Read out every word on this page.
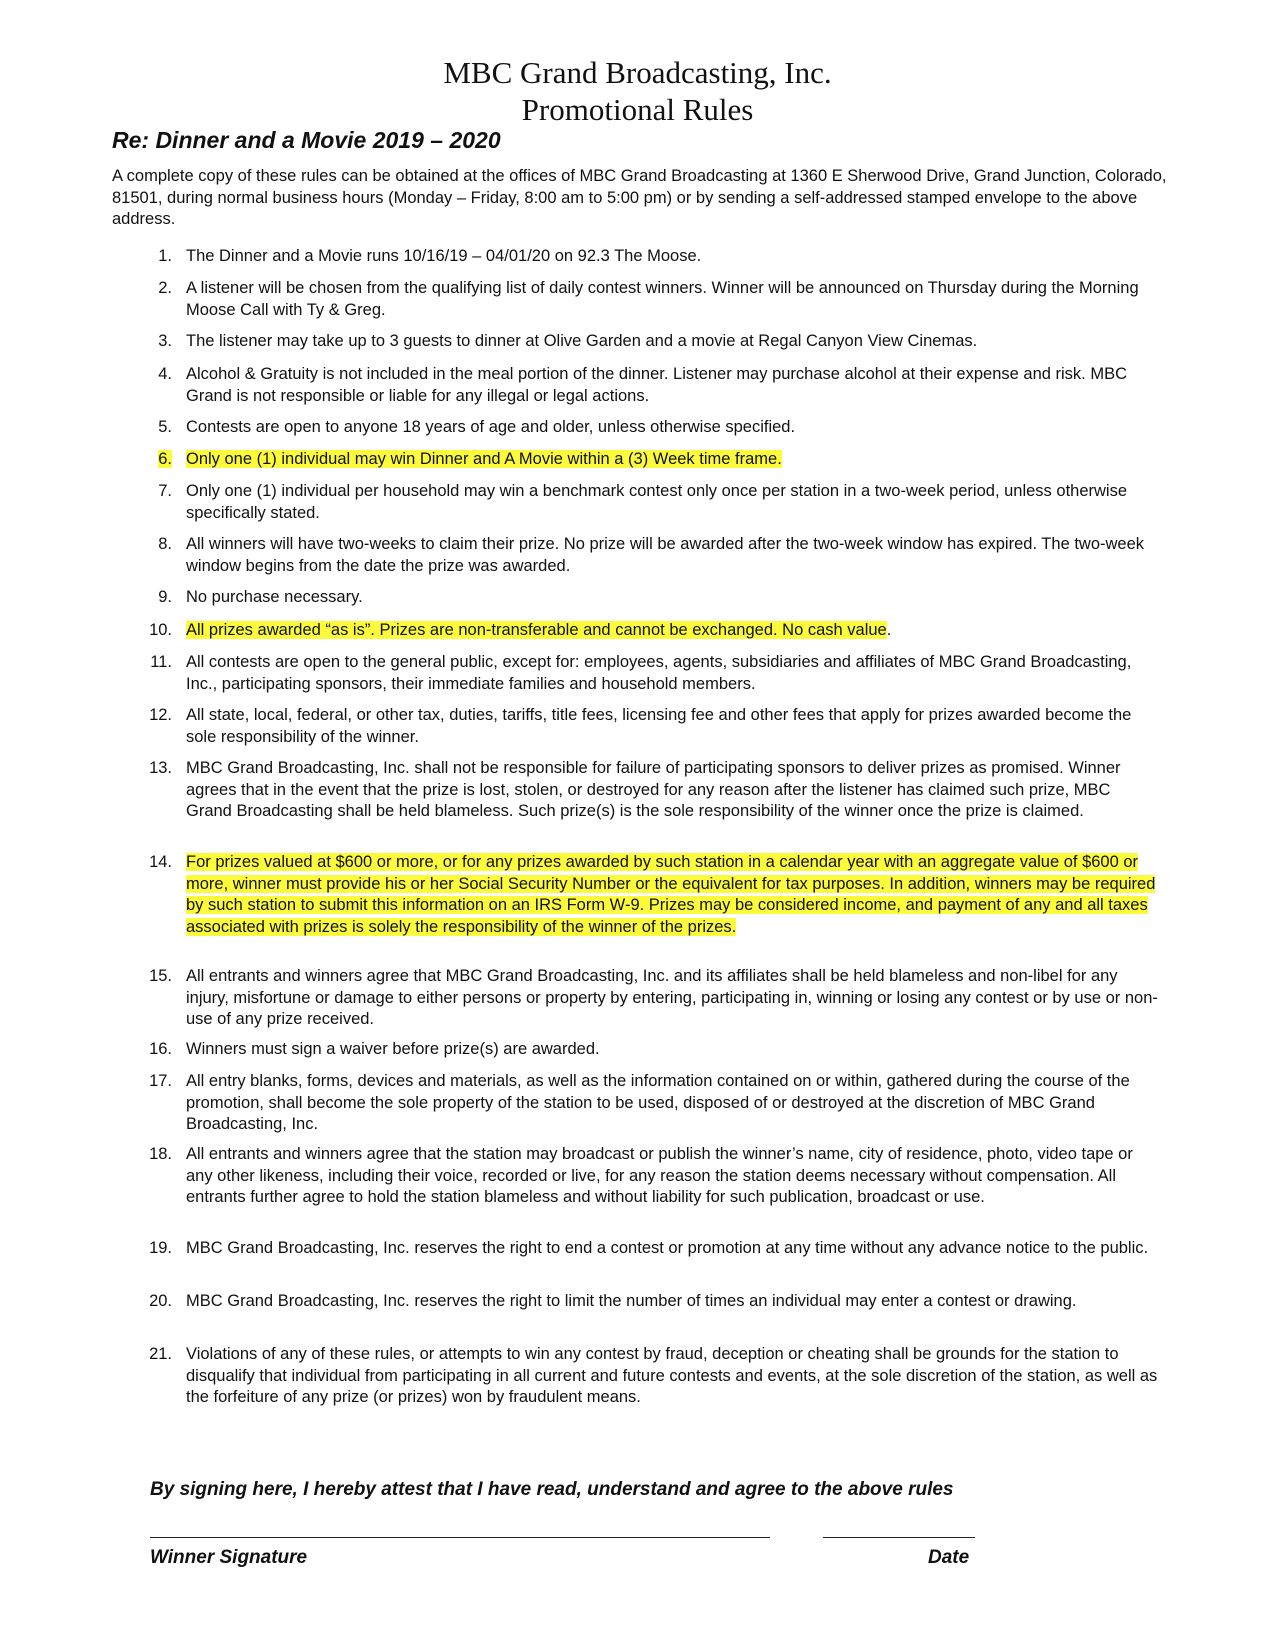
MBC Grand Broadcasting, Inc.
Promotional Rules
Re: Dinner and a Movie 2019 – 2020
A complete copy of these rules can be obtained at the offices of MBC Grand Broadcasting at 1360 E Sherwood Drive, Grand Junction, Colorado, 81501, during normal business hours (Monday – Friday, 8:00 am to 5:00 pm) or by sending a self-addressed stamped envelope to the above address.
1. The Dinner and a Movie runs 10/16/19 – 04/01/20 on 92.3 The Moose.
2. A listener will be chosen from the qualifying list of daily contest winners. Winner will be announced on Thursday during the Morning Moose Call with Ty & Greg.
3. The listener may take up to 3 guests to dinner at Olive Garden and a movie at Regal Canyon View Cinemas.
4. Alcohol & Gratuity is not included in the meal portion of the dinner. Listener may purchase alcohol at their expense and risk. MBC Grand is not responsible or liable for any illegal or legal actions.
5. Contests are open to anyone 18 years of age and older, unless otherwise specified.
6. Only one (1) individual may win Dinner and A Movie within a (3) Week time frame.
7. Only one (1) individual per household may win a benchmark contest only once per station in a two-week period, unless otherwise specifically stated.
8. All winners will have two-weeks to claim their prize. No prize will be awarded after the two-week window has expired. The two-week window begins from the date the prize was awarded.
9. No purchase necessary.
10. All prizes awarded “as is”. Prizes are non-transferable and cannot be exchanged. No cash value.
11. All contests are open to the general public, except for: employees, agents, subsidiaries and affiliates of MBC Grand Broadcasting, Inc., participating sponsors, their immediate families and household members.
12. All state, local, federal, or other tax, duties, tariffs, title fees, licensing fee and other fees that apply for prizes awarded become the sole responsibility of the winner.
13. MBC Grand Broadcasting, Inc. shall not be responsible for failure of participating sponsors to deliver prizes as promised. Winner agrees that in the event that the prize is lost, stolen, or destroyed for any reason after the listener has claimed such prize, MBC Grand Broadcasting shall be held blameless. Such prize(s) is the sole responsibility of the winner once the prize is claimed.
14. For prizes valued at $600 or more, or for any prizes awarded by such station in a calendar year with an aggregate value of $600 or more, winner must provide his or her Social Security Number or the equivalent for tax purposes. In addition, winners may be required by such station to submit this information on an IRS Form W-9. Prizes may be considered income, and payment of any and all taxes associated with prizes is solely the responsibility of the winner of the prizes.
15. All entrants and winners agree that MBC Grand Broadcasting, Inc. and its affiliates shall be held blameless and non-libel for any injury, misfortune or damage to either persons or property by entering, participating in, winning or losing any contest or by use or non-use of any prize received.
16. Winners must sign a waiver before prize(s) are awarded.
17. All entry blanks, forms, devices and materials, as well as the information contained on or within, gathered during the course of the promotion, shall become the sole property of the station to be used, disposed of or destroyed at the discretion of MBC Grand Broadcasting, Inc.
18. All entrants and winners agree that the station may broadcast or publish the winner’s name, city of residence, photo, video tape or any other likeness, including their voice, recorded or live, for any reason the station deems necessary without compensation. All entrants further agree to hold the station blameless and without liability for such publication, broadcast or use.
19. MBC Grand Broadcasting, Inc. reserves the right to end a contest or promotion at any time without any advance notice to the public.
20. MBC Grand Broadcasting, Inc. reserves the right to limit the number of times an individual may enter a contest or drawing.
21. Violations of any of these rules, or attempts to win any contest by fraud, deception or cheating shall be grounds for the station to disqualify that individual from participating in all current and future contests and events, at the sole discretion of the station, as well as the forfeiture of any prize (or prizes) won by fraudulent means.
By signing here, I hereby attest that I have read, understand and agree to the above rules
Winner Signature	Date
